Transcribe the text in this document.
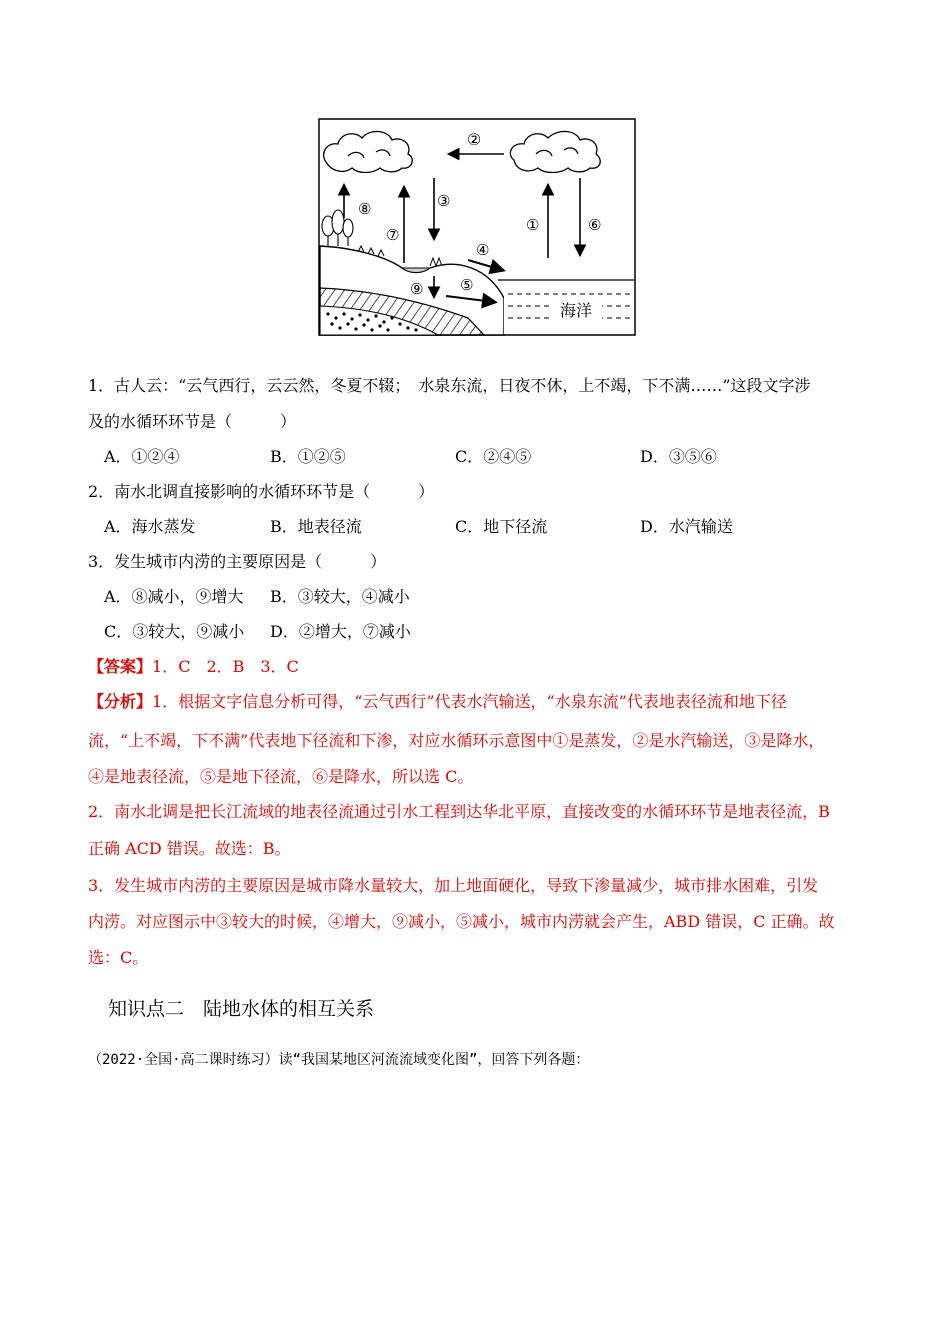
②
⑧
⑦
③
①	⑥
海洋
④
⑨ ⑤
1．古人云：“云气西行，云云然，冬夏不辍；　水泉东流，日夜不休，上不竭，下不满……”这段文字涉
及的水循环环节是（　　　）
A．①②④	B．①②⑤	C．②④⑤	D．③⑤⑥
2．南水北调直接影响的水循环环节是（　　　）
A．海水蒸发	B．地表径流	C．地下径流	D．水汽输送
3．发生城市内涝的主要原因是（　　　）
A．⑧减小，⑨增大 B．③较大，④减小
C．③较大，⑨减小 D．②增大，⑦减小
【答案】1．C　2．B　3．C
【分析】1．根据文字信息分析可得，“云气西行”代表水汽输送，“水泉东流”代表地表径流和地下径
流，“上不竭，下不满”代表地下径流和下渗，对应水循环示意图中①是蒸发，②是水汽输送，③是降水，
④是地表径流，⑤是地下径流，⑥是降水，所以选 C。
2．南水北调是把长江流域的地表径流通过引水工程到达华北平原，直接改变的水循环环节是地表径流，B
正确 ACD 错误。故选：B。
3．发生城市内涝的主要原因是城市降水量较大，加上地面硬化，导致下渗量减少，城市排水困难，引发
内涝。对应图示中③较大的时候，④增大，⑨减小，⑤减小，城市内涝就会产生，ABD 错误，C 正确。故
选：C。
知识点二　陆地水体的相互关系
（2022·全国·高二课时练习）读“我国某地区河流流域变化图”，回答下列各题：
